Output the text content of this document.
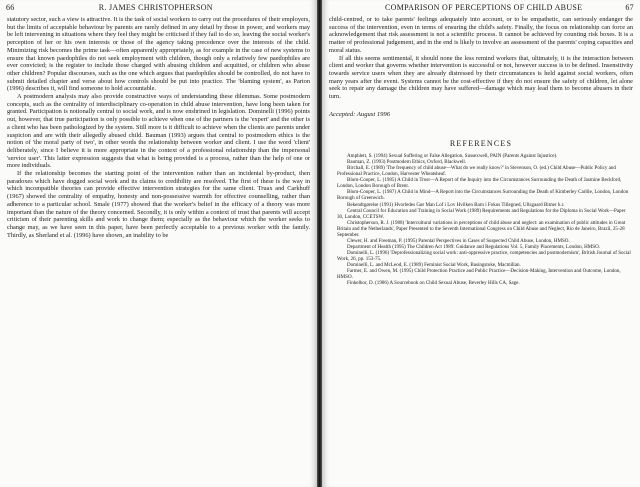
66	R. JAMES CHRISTOPHERSON

statutory sector, such a view is attractive. It is the task of social workers to carry out the procedures of their employers, but the limits of acceptable behaviour by parents are rarely defined in any detail by those in power, and workers may be left intervening in situations where they feel they might be criticised if they fail to do so, leaving the social worker's perception of her or his own interests or those of the agency taking precedence over the interests of the child. Minimizing risk becomes the prime task—often apparently appropriately, as for example in the case of new systems to ensure that known paedophiles do not seek employment with children, though only a relatively few paedophiles are ever convicted; is the register to include those charged with abusing children and acquitted, or children who abuse other children? Popular discourses, such as the one which argues that paedophiles should be controlled, do not have to submit detailed chapter and verse about how controls should be put into practice. The 'blaming system', as Parton (1996) describes it, will find someone to hold accountable.

A postmodern analysis may also provide constructive ways of understanding these dilemmas. Some postmodern concepts, such as the centrality of interdisciplinary co-operation in child abuse intervention, have long been taken for granted. Participation is notionally central to social work, and is now enshrined in legislation. Dominelli (1996) points out, however, that true participation is only possible to achieve when one of the partners is the 'expert' and the other is a client who has been pathologized by the system. Still more is it difficult to achieve when the clients are parents under suspicion and are with their allegedly abused child. Bauman (1993) argues that central to postmodern ethics is the notion of 'the moral party of two', in other words the relationship between worker and client. I use the word 'client' deliberately, since I believe it is more appropriate in the context of a professional relationship than the impersonal 'service user'. This latter expression suggests that what is being provided is a process, rather than the help of one or more individuals.

If the relationship becomes the starting point of the intervention rather than an incidental by-product, then paradoxes which have dogged social work and its claims to credibility are resolved. The first of these is the way in which incompatible theories can provide effective intervention strategies for the same client. Truax and Carkhuff (1967) showed the centrality of empathy, honesty and non-possessive warmth for effective counselling, rather than adherence to a particular school. Smale (1977) showed that the worker's belief in the efficacy of a theory was more important than the nature of the theory concerned. Secondly, it is only within a context of trust that parents will accept criticism of their parenting skills and work to change them; especially as the behaviour which the worker seeks to change may, as we have seen in this paper, have been perfectly acceptable to a previous worker with the family. Thirdly, as Sherland et al. (1996) have shown, an inability to be

COMPARISON OF PERCEPTIONS OF CHILD ABUSE	67

child-centred, or to take parents' feelings adequately into account, or to be empathetic, can seriously endanger the success of the intervention, even in terms of ensuring the child's safety. Finally, the focus on relationship can force an acknowledgement that risk assessment is not a scientific process. It cannot be achieved by counting risk boxes. It is a matter of professional judgement, and in the end is likely to involve an assessment of the parents' coping capacities and moral status.

If all this seems sentimental, it should none the less remind workers that, ultimately, it is the interaction between client and worker that governs whether intervention is successful or not, however success is to be defined. Insensitivity towards service users when they are already distressed by their circumstances is held against social workers, often many years after the event. Systems cannot be the cost-effective if they do not ensure the safety of children, let alone seek to repair any damage the children may have suffered—damage which may lead them to become abusers in their turn.

Accepted: August 1996
REFERENCES

Amphlett, S. (1994) Sexual Suffering or False Allegation, Sussexwell, PAIN (Parents Against Injustice).

Bauman, Z. (1993) Postmodern Ethics, Oxford, Blackwell.

Birchall, E. (1989) 'The frequency of child abuse—What do we really know?' in Stevenson, O. (ed.) Child Abuse—Public Policy and Professional Practice, London, Harvester Wheatsheaf.

Blom-Cooper, L. (1985) A Child in Trust—A Report of the Inquiry into the Circumstances Surrounding the Death of Jasmine Beckford, London, London Borough of Brent.

Blom-Cooper, L. (1987) A Child in Mind—A Report into the Circumstances Surrounding the Death of Kimberley Carlile, London, London Borough of Greenwich.

Bekendtgørelse (1991) Hvorledes Gør Man Lof i Lov Hvilken Barn i Fokus Tillegned, Ullsgaard Bimer h.r.

Central Council for Education and Training in Social Work (1989) Requirements and Regulations for the Diploma in Social Work—Paper 30, London, CCETSW.

Christopherson, R. J. (1988) 'Intercultural variations in perceptions of child abuse and neglect: an examination of public attitudes in Great Britain and the Netherlands', Paper Presented to the Seventh International Congress on Child Abuse and Neglect, Rio de Janeiro, Brazil, 25-28 September.

Clewer, H. and Freeman, P. (1995) Parental Perspectives in Cases of Suspected Child Abuse, London, HMSO.

Department of Health (1995) The Children Act 1989: Guidance and Regulations Vol. 5, Family Placements, London, HMSO.

Dominelli, L. (1996) 'Deprofessionalizing social work: anti-oppressive practice, competencies and postmodernism', British Journal of Social Work, 26, pp. 153-75.

Dominelli, L. and McLeod, E. (1989) Feminist Social Work, Basingstoke, Macmillan.

Farmer, E. and Owen, M. (1995) Child Protection Practice and Public Practice—Decision-Making, Intervention and Outcome, London, HMSO.

Finkelhor, D. (1986) A Sourcebook on Child Sexual Abuse, Beverley Hills CA, Sage.
